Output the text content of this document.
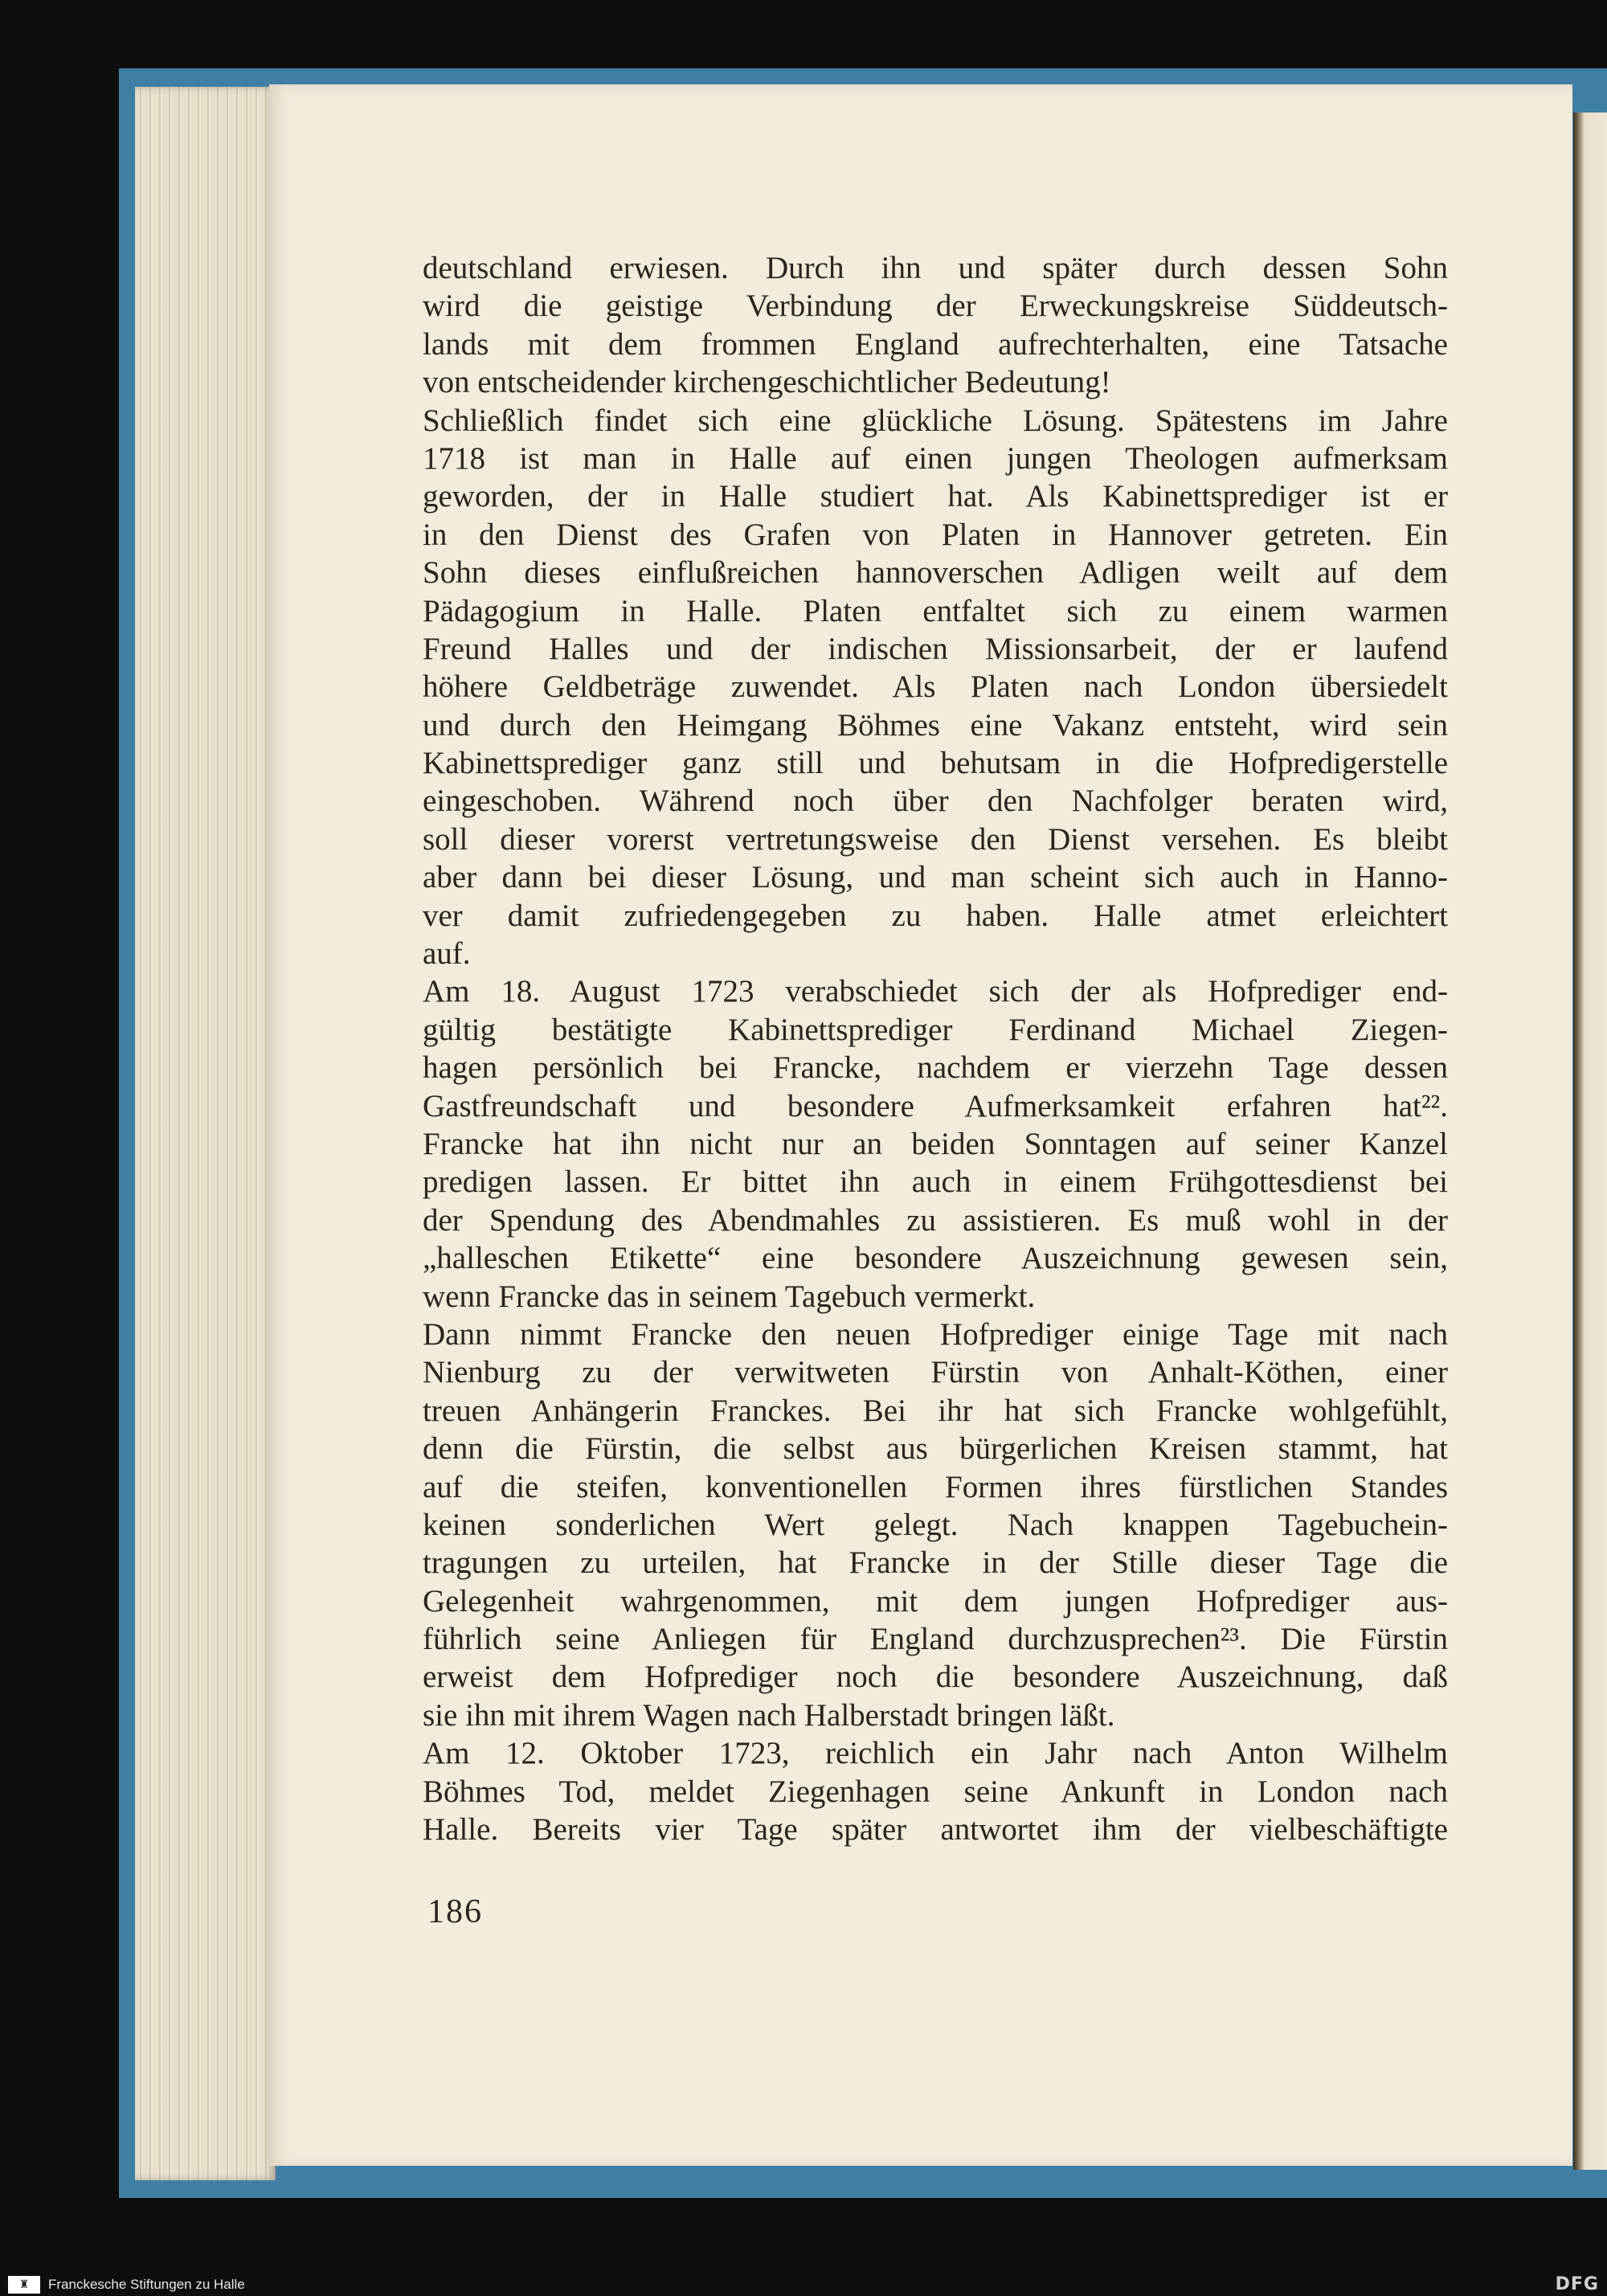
deutschland erwiesen. Durch ihn und später durch dessen Sohn
wird die geistige Verbindung der Erweckungskreise Süddeutsch-
lands mit dem frommen England aufrechterhalten, eine Tatsache
von entscheidender kirchengeschichtlicher Bedeutung!
Schließlich findet sich eine glückliche Lösung. Spätestens im Jahre
1718 ist man in Halle auf einen jungen Theologen aufmerksam
geworden, der in Halle studiert hat. Als Kabinettsprediger ist er
in den Dienst des Grafen von Platen in Hannover getreten. Ein
Sohn dieses einflußreichen hannoverschen Adligen weilt auf dem
Pädagogium in Halle. Platen entfaltet sich zu einem warmen
Freund Halles und der indischen Missionsarbeit, der er laufend
höhere Geldbeträge zuwendet. Als Platen nach London übersiedelt
und durch den Heimgang Böhmes eine Vakanz entsteht, wird sein
Kabinettsprediger ganz still und behutsam in die Hofpredigerstelle
eingeschoben. Während noch über den Nachfolger beraten wird,
soll dieser vorerst vertretungsweise den Dienst versehen. Es bleibt
aber dann bei dieser Lösung, und man scheint sich auch in Hanno-
ver damit zufriedengegeben zu haben. Halle atmet erleichtert
auf.
Am 18. August 1723 verabschiedet sich der als Hofprediger end-
gültig bestätigte Kabinettsprediger Ferdinand Michael Ziegen-
hagen persönlich bei Francke, nachdem er vierzehn Tage dessen
Gastfreundschaft und besondere Aufmerksamkeit erfahren hat²².
Francke hat ihn nicht nur an beiden Sonntagen auf seiner Kanzel
predigen lassen. Er bittet ihn auch in einem Frühgottesdienst bei
der Spendung des Abendmahles zu assistieren. Es muß wohl in der
„halleschen Etikette“ eine besondere Auszeichnung gewesen sein,
wenn Francke das in seinem Tagebuch vermerkt.
Dann nimmt Francke den neuen Hofprediger einige Tage mit nach
Nienburg zu der verwitweten Fürstin von Anhalt-Köthen, einer
treuen Anhängerin Franckes. Bei ihr hat sich Francke wohlgefühlt,
denn die Fürstin, die selbst aus bürgerlichen Kreisen stammt, hat
auf die steifen, konventionellen Formen ihres fürstlichen Standes
keinen sonderlichen Wert gelegt. Nach knappen Tagebuchein-
tragungen zu urteilen, hat Francke in der Stille dieser Tage die
Gelegenheit wahrgenommen, mit dem jungen Hofprediger aus-
führlich seine Anliegen für England durchzusprechen²³. Die Fürstin
erweist dem Hofprediger noch die besondere Auszeichnung, daß
sie ihn mit ihrem Wagen nach Halberstadt bringen läßt.
Am 12. Oktober 1723, reichlich ein Jahr nach Anton Wilhelm
Böhmes Tod, meldet Ziegenhagen seine Ankunft in London nach
Halle. Bereits vier Tage später antwortet ihm der vielbeschäftigte
186
♜	Franckesche Stiftungen zu Halle	DFG
